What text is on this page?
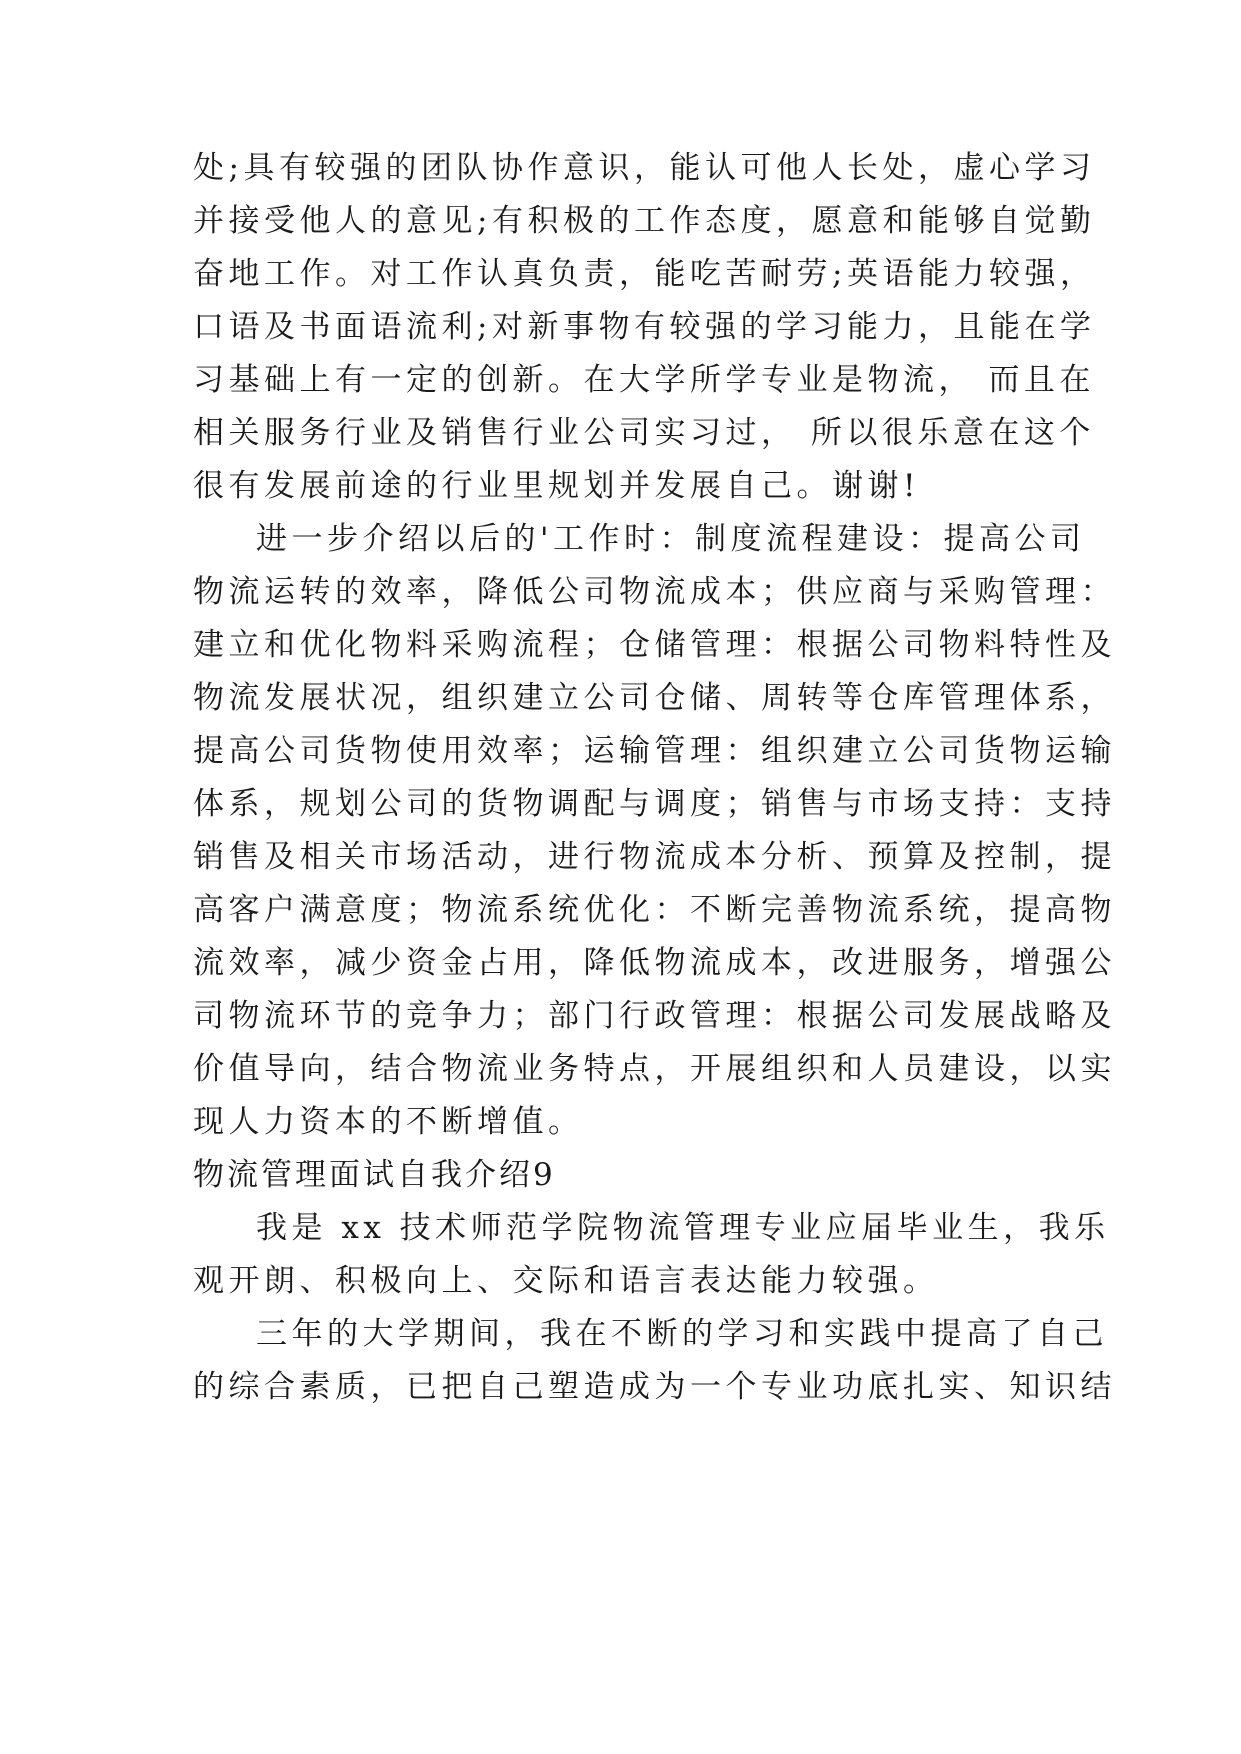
处;具有较强的团队协作意识，能认可他人长处，虚心学习
并接受他人的意见;有积极的工作态度，愿意和能够自觉勤
奋地工作。对工作认真负责，能吃苦耐劳;英语能力较强，
口语及书面语流利;对新事物有较强的学习能力，且能在学
习基础上有一定的创新。在大学所学专业是物流， 而且在
相关服务行业及销售行业公司实习过， 所以很乐意在这个
很有发展前途的行业里规划并发展自己。谢谢!
进一步介绍以后的'工作时：制度流程建设：提高公司
物流运转的效率，降低公司物流成本；供应商与采购管理：
建立和优化物料采购流程；仓储管理：根据公司物料特性及
物流发展状况，组织建立公司仓储、周转等仓库管理体系，
提高公司货物使用效率；运输管理：组织建立公司货物运输
体系，规划公司的货物调配与调度；销售与市场支持：支持
销售及相关市场活动，进行物流成本分析、预算及控制，提
高客户满意度；物流系统优化：不断完善物流系统，提高物
流效率，减少资金占用，降低物流成本，改进服务，增强公
司物流环节的竞争力；部门行政管理：根据公司发展战略及
价值导向，结合物流业务特点，开展组织和人员建设，以实
现人力资本的不断增值。
物流管理面试自我介绍9
我是 xx 技术师范学院物流管理专业应届毕业生，我乐
观开朗、积极向上、交际和语言表达能力较强。
三年的大学期间，我在不断的学习和实践中提高了自己
的综合素质，已把自己塑造成为一个专业功底扎实、知识结
